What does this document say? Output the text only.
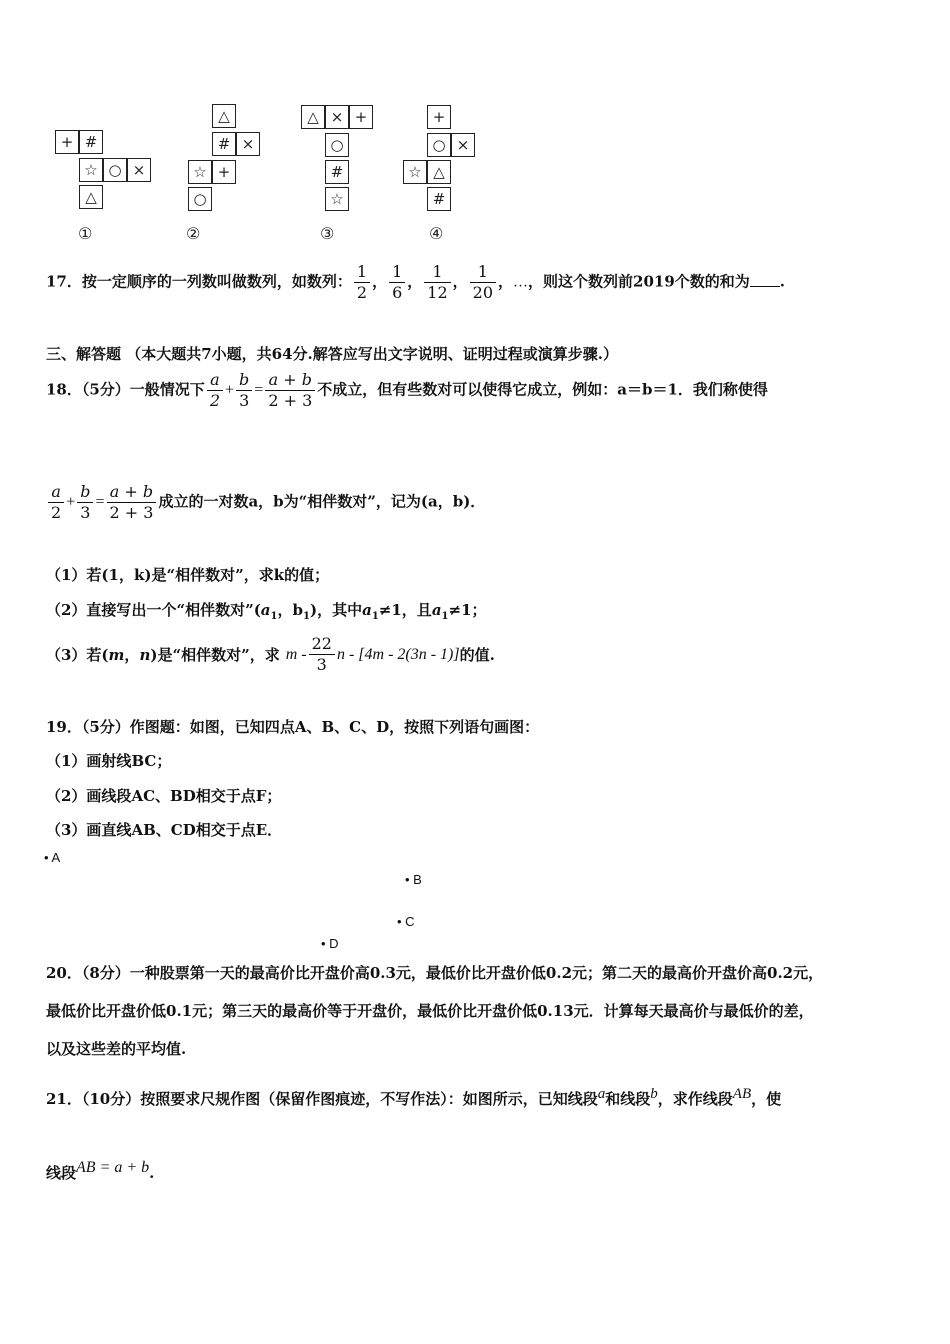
+ #
☆ ○ ×
△
①
△
# ×
☆ +
○
②
△ × +
○
#
☆
③
+
○ ×
☆ △
#
④
17．按一定顺序的一列数叫做数列，如数列： $\frac{1}{2}$ ， $\frac{1}{6}$ ， $\frac{1}{12}$ ， $\frac{1}{20}$ ，…，则这个数列前2019个数的和为 .
三、解答题 （本大题共7小题，共64分.解答应写出文字说明、证明过程或演算步骤.）
18．（5分）一般情况下 $\frac{a}{2} + \frac{b}{3} = \frac{a + b}{2 + 3}$ 不成立，但有些数对可以使得它成立，例如：a＝b＝1．我们称使得
$\frac{a}{2} + \frac{b}{3} = \frac{a + b}{2 + 3}$ 成立的一对数a，b为“相伴数对”，记为(a，b)．
（1）若(1，k)是“相伴数对”，求k的值；
（2）直接写出一个“相伴数对$”(a_1$，$b_1$)，其中$a_1\ne 1$，且$a_1\ne 1$；
（3）若(m，n)是“相伴数对”，求 m - $\frac{22}{3}$ n - [4m - 2(3n - 1)]的值.
19．（5分）作图题：如图，已知四点A、B、C、D，按照下列语句画图：
（1）画射线BC；
（2）画线段AC、BD相交于点F；
（3）画直线AB、CD相交于点E．
• A
• B
• C
• D
20．（8分）一种股票第一天的最高价比开盘价高0.3元，最低价比开盘价低0.2元；第二天的最高价开盘价高0.2元，
最低价比开盘价低0.1元；第三天的最高价等于开盘价，最低价比开盘价低0.13元．计算每天最高价与最低价的差，
以及这些差的平均值.
21．（10分）按照要求尺规作图（保留作图痕迹，不写作法）：如图所示，已知线段$^a$和线段$^b$，求作线段$^{AB}$，使
线段$^{AB = a + b}$.
